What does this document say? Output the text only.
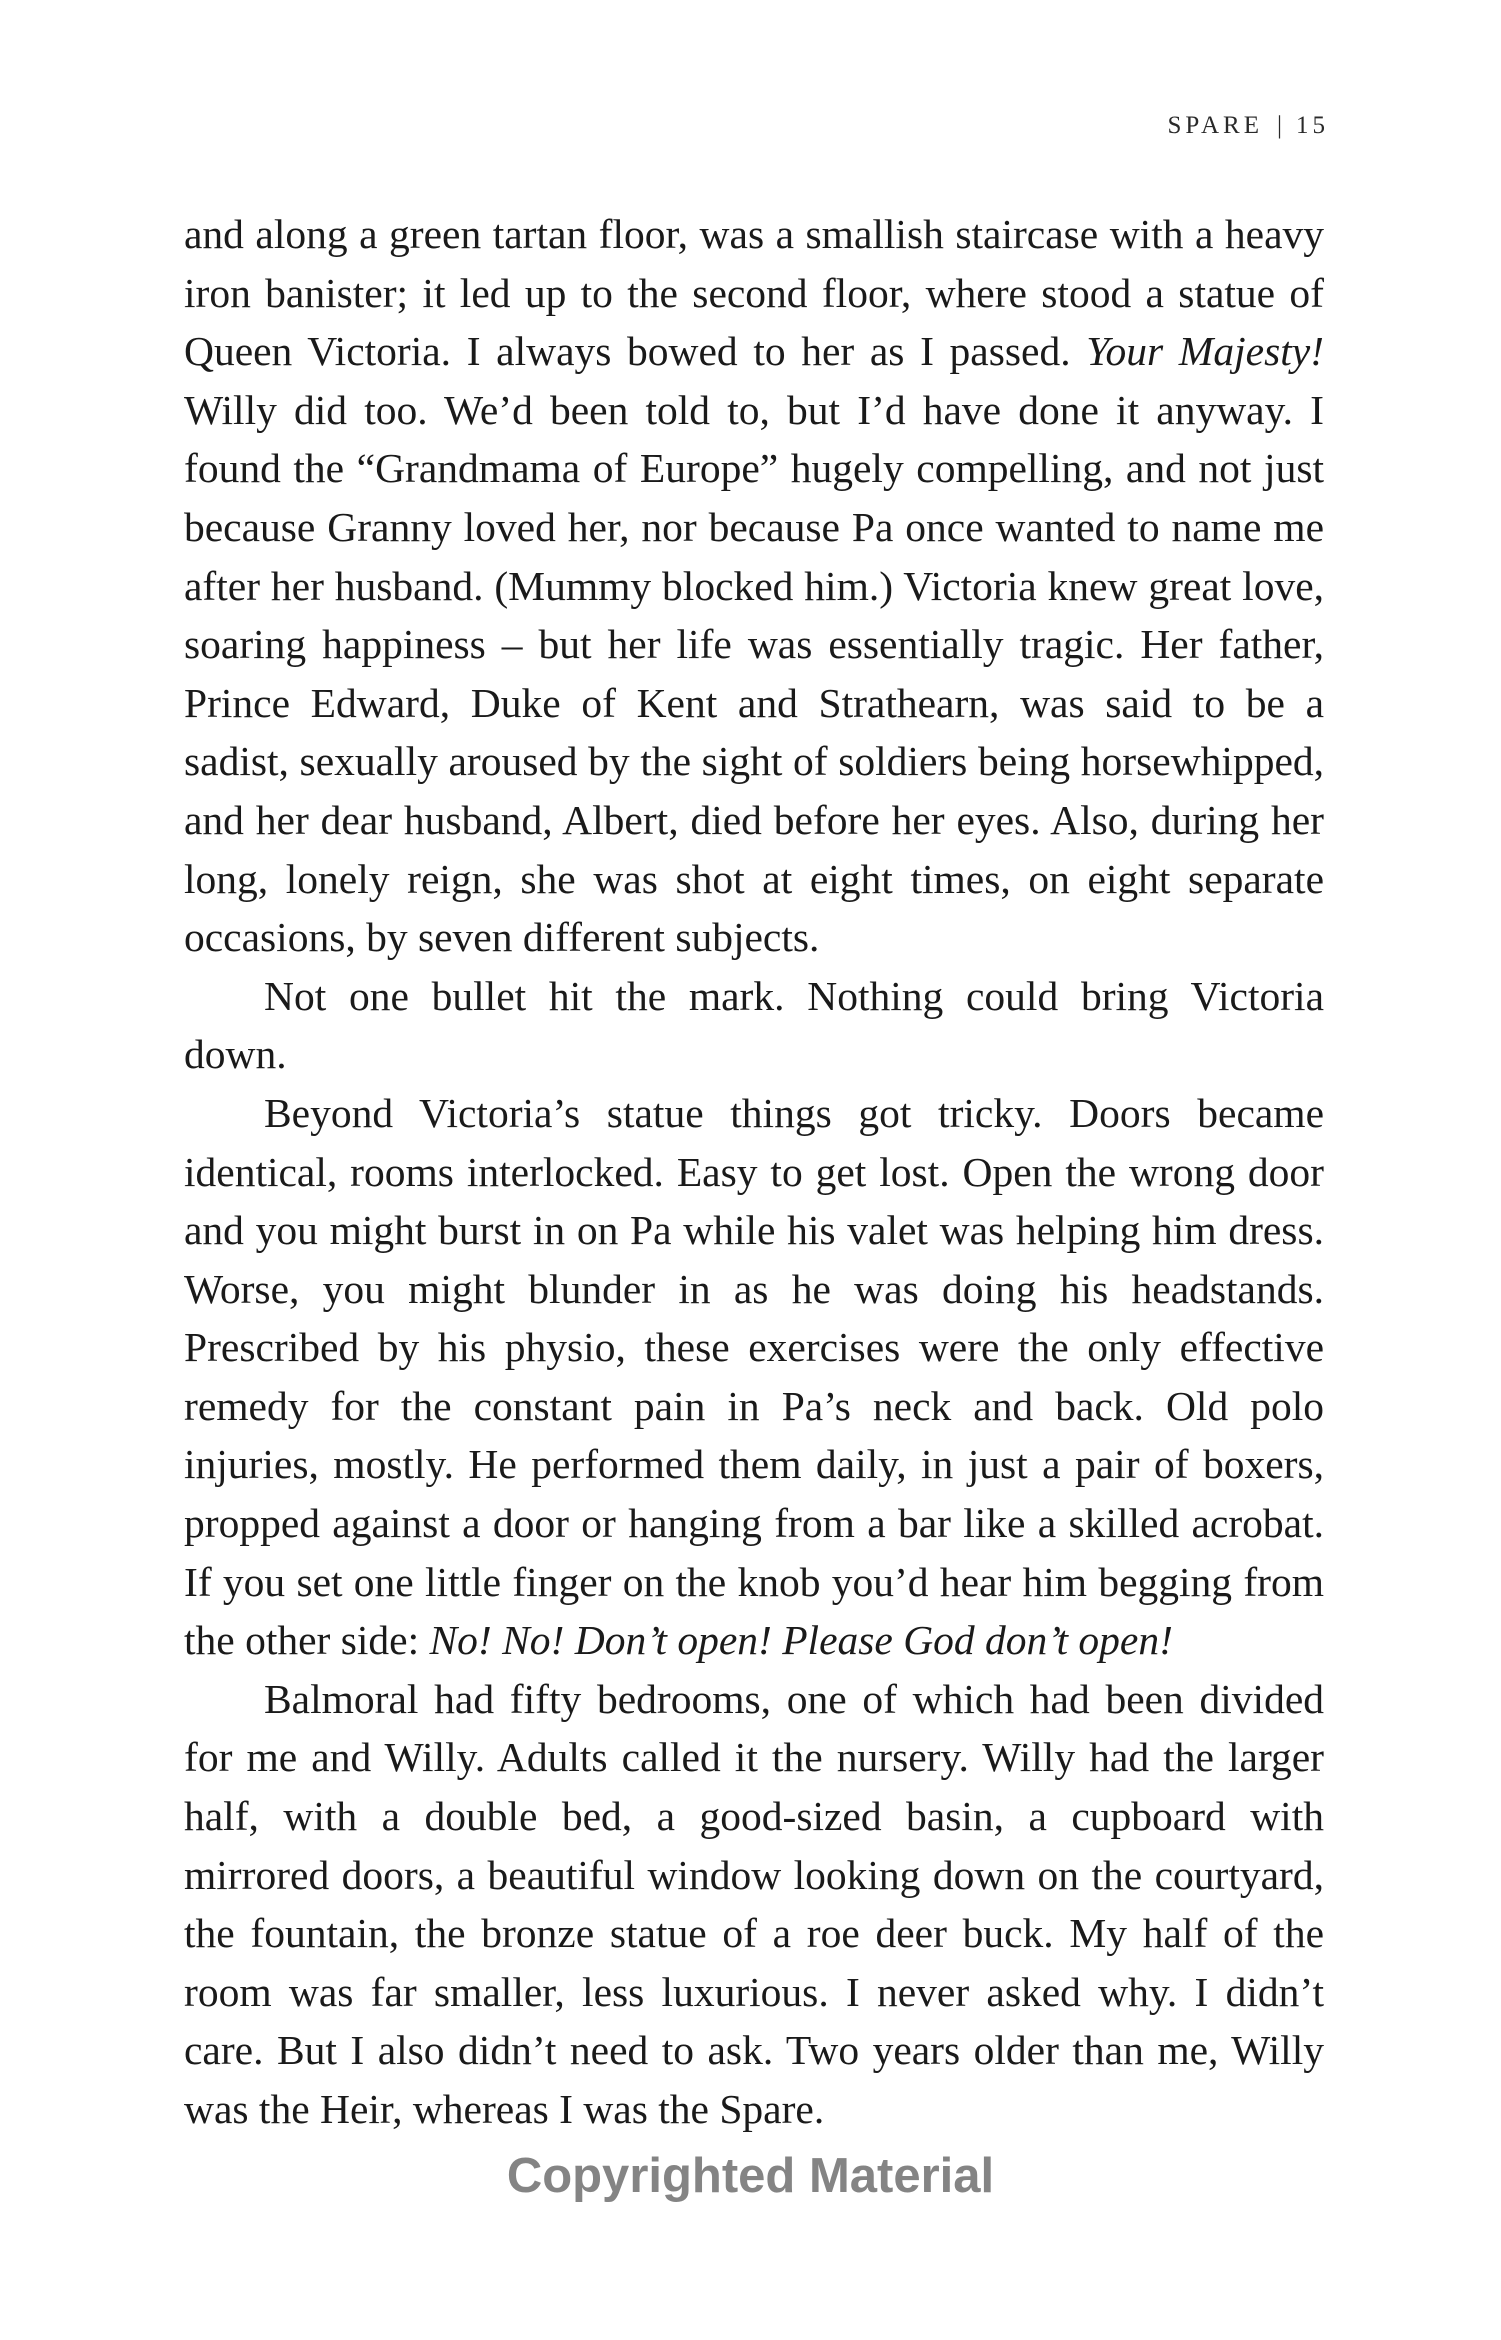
SPARE | 15

and along a green tartan floor, was a smallish staircase with a heavy iron banister; it led up to the second floor, where stood a statue of Queen Victoria. I always bowed to her as I passed. Your Majesty! Willy did too. We’d been told to, but I’d have done it anyway. I found the “Grandmama of Europe” hugely compelling, and not just because Granny loved her, nor because Pa once wanted to name me after her husband. (Mummy blocked him.) Victoria knew great love, soaring happiness – but her life was essentially tragic. Her father, Prince Edward, Duke of Kent and Strathearn, was said to be a sadist, sexually aroused by the sight of soldiers being horsewhipped, and her dear husband, Albert, died before her eyes. Also, during her long, lonely reign, she was shot at eight times, on eight separate occasions, by seven different subjects.

Not one bullet hit the mark. Nothing could bring Victoria down.

Beyond Victoria’s statue things got tricky. Doors became identical, rooms interlocked. Easy to get lost. Open the wrong door and you might burst in on Pa while his valet was helping him dress. Worse, you might blunder in as he was doing his headstands. Prescribed by his physio, these exercises were the only effective remedy for the constant pain in Pa’s neck and back. Old polo injuries, mostly. He performed them daily, in just a pair of boxers, propped against a door or hanging from a bar like a skilled acrobat. If you set one little finger on the knob you’d hear him begging from the other side: No! No! Don’t open! Please God don’t open!

Balmoral had fifty bedrooms, one of which had been divided for me and Willy. Adults called it the nursery. Willy had the larger half, with a double bed, a good-sized basin, a cupboard with mirrored doors, a beautiful window looking down on the courtyard, the fountain, the bronze statue of a roe deer buck. My half of the room was far smaller, less luxurious. I never asked why. I didn’t care. But I also didn’t need to ask. Two years older than me, Willy was the Heir, whereas I was the Spare.

Copyrighted Material
